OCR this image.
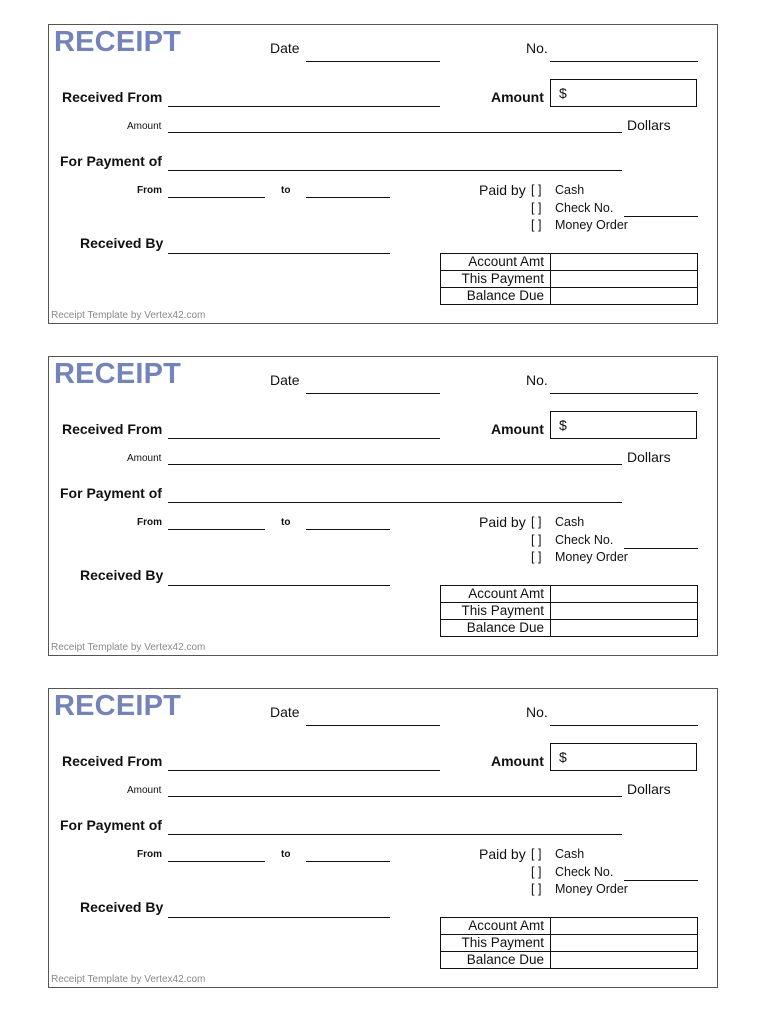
RECEIPT	Date	No.
Received From	Amount $
Amount	Dollars
For Payment of
From	to	Paid by [ ] Cash
[ ] Check No.
[ ] Money Order
Received By
Account Amt	
This Payment	
Balance Due	
Receipt Template by Vertex42.com
RECEIPT	Date	No.
Received From	Amount $
Amount	Dollars
For Payment of
From	to	Paid by [ ] Cash
[ ] Check No.
[ ] Money Order
Received By
Account Amt	
This Payment	
Balance Due	
Receipt Template by Vertex42.com
RECEIPT	Date	No.
Received From	Amount $
Amount	Dollars
For Payment of
From	to	Paid by [ ] Cash
[ ] Check No.
[ ] Money Order
Received By
Account Amt	
This Payment	
Balance Due	
Receipt Template by Vertex42.com
